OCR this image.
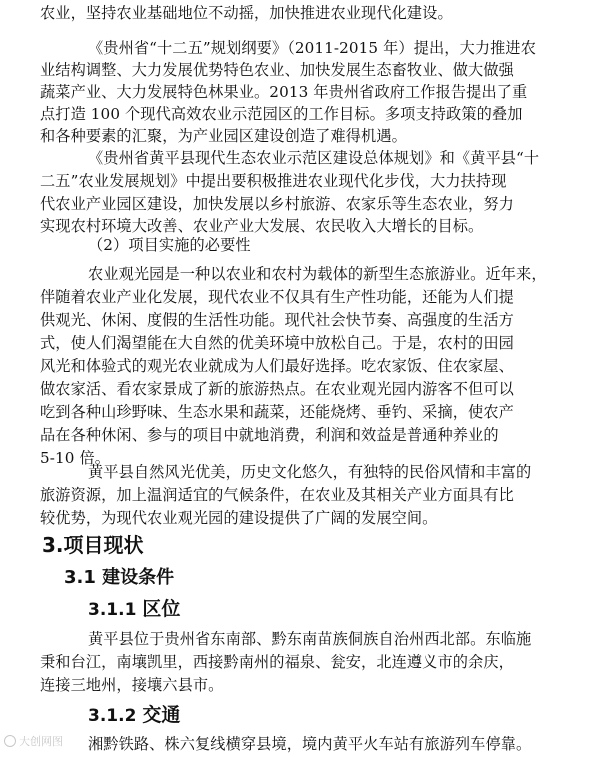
农业，坚持农业基础地位不动摇，加快推进农业现代化建设。
《贵州省“十二五”规划纲要》（2011-2015 年）提出，大力推进农
业结构调整、大力发展优势特色农业、加快发展生态畜牧业、做大做强
蔬菜产业、大力发展特色林果业。2013 年贵州省政府工作报告提出了重
点打造 100 个现代高效农业示范园区的工作目标。多项支持政策的叠加
和各种要素的汇聚，为产业园区建设创造了难得机遇。
《贵州省黄平县现代生态农业示范区建设总体规划》和《黄平县“十
二五”农业发展规划》中提出要积极推进农业现代化步伐，大力扶持现
代农业产业园区建设，加快发展以乡村旅游、农家乐等生态农业，努力
实现农村环境大改善、农业产业大发展、农民收入大增长的目标。
（2）项目实施的必要性
农业观光园是一种以农业和农村为载体的新型生态旅游业。近年来，
伴随着农业产业化发展，现代农业不仅具有生产性功能，还能为人们提
供观光、休闲、度假的生活性功能。现代社会快节奏、高强度的生活方
式，使人们渴望能在大自然的优美环境中放松自己。于是，农村的田园
风光和体验式的观光农业就成为人们最好选择。吃农家饭、住农家屋、
做农家活、看农家景成了新的旅游热点。在农业观光园内游客不但可以
吃到各种山珍野味、生态水果和蔬菜，还能烧烤、垂钓、采摘，使农产
品在各种休闲、参与的项目中就地消费，利润和效益是普通种养业的
5-10 倍。
黄平县自然风光优美，历史文化悠久，有独特的民俗风情和丰富的
旅游资源，加上温润适宜的气候条件，在农业及其相关产业方面具有比
较优势，为现代农业观光园的建设提供了广阔的发展空间。
3.项目现状
3.1 建设条件
3.1.1 区位
黄平县位于贵州省东南部、黔东南苗族侗族自治州西北部。东临施
秉和台江，南壤凯里，西接黔南州的福泉、瓮安，北连遵义市的余庆，
连接三地州，接壤六县市。
大创网图
3.1.2 交通
湘黔铁路、株六复线横穿县境，境内黄平火车站有旅游列车停靠。
